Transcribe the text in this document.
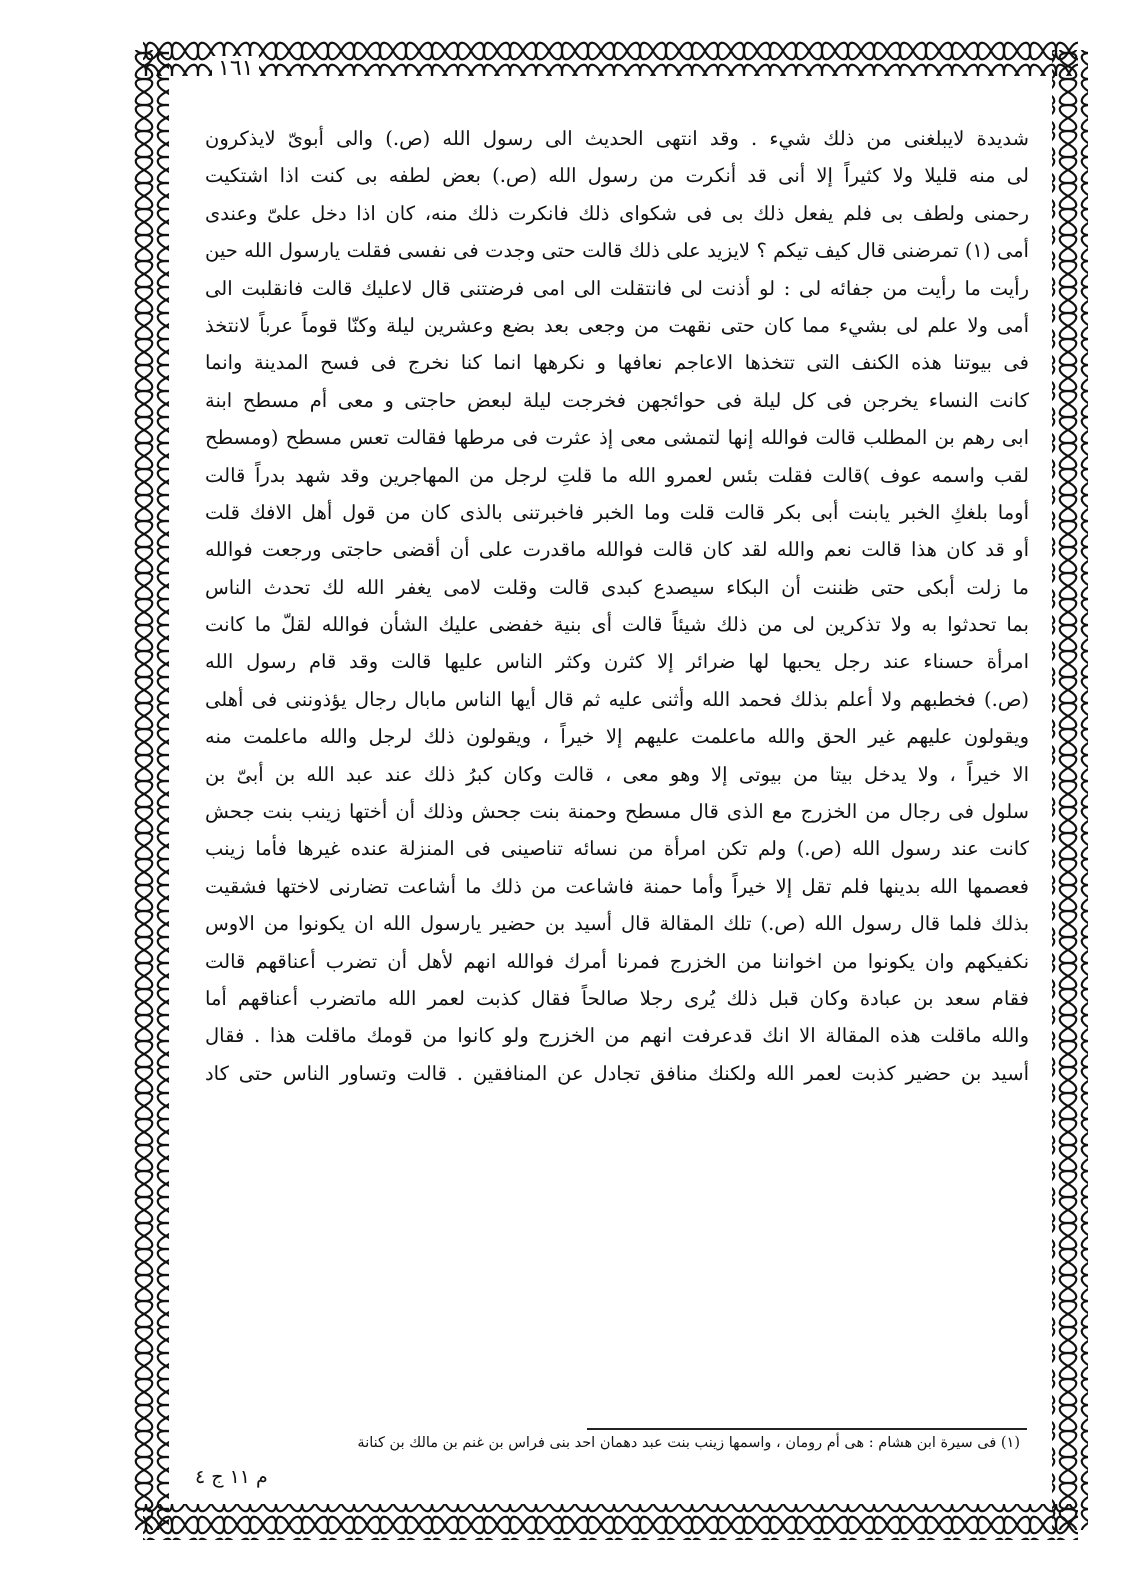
١٦١
شديدة لايبلغنى من ذلك شيء . وقد انتهى الحديث الى رسول الله (ص.) والى أبوىّ لايذكرون
لى منه قليلا ولا كثيراً إلا أنى قد أنكرت من رسول الله (ص.) بعض لطفه بى كنت اذا اشتكيت
رحمنى ولطف بى فلم يفعل ذلك بى فى شكواى ذلك فانكرت ذلك منه، كان اذا دخل علىّ وعندى
أمى (١) تمرضنى قال كيف تيكم ؟ لايزيد على ذلك قالت حتى وجدت فى نفسى فقلت يارسول الله حين
رأيت ما رأيت من جفائه لى : لو أذنت لى فانتقلت الى امى فرضتنى قال لاعليك قالت فانقلبت الى
أمى ولا علم لى بشيء مما كان حتى نقهت من وجعى بعد بضع وعشرين ليلة وكنّا قوماً عرباً لانتخذ
فى بيوتنا هذه الكنف التى تتخذها الاعاجم نعافها و نكرهها انما كنا نخرج فى فسح المدينة وانما
كانت النساء يخرجن فى كل ليلة فى حوائجهن فخرجت ليلة لبعض حاجتى و معى أم مسطح ابنة
ابى رهم بن المطلب قالت فوالله إنها لتمشى معى إذ عثرت فى مرطها فقالت تعس مسطح (ومسطح
لقب واسمه عوف )قالت فقلت بئس لعمرو الله ما قلتِ لرجل من المهاجرين وقد شهد بدراً قالت
أوما بلغكِ الخبر يابنت أبى بكر قالت قلت وما الخبر فاخبرتنى بالذى كان من قول أهل الافك قلت
أو قد كان هذا قالت نعم والله لقد كان قالت فوالله ماقدرت على أن أقضى حاجتى ورجعت فوالله
ما زلت أبكى حتى ظننت أن البكاء سيصدع كبدى قالت وقلت لامى يغفر الله لك تحدث الناس
بما تحدثوا به ولا تذكرين لى من ذلك شيئاً قالت أى بنية خفضى عليك الشأن فوالله لقلّ ما كانت
امرأة حسناء عند رجل يحبها لها ضرائر إلا كثرن وكثر الناس عليها قالت وقد قام رسول الله
(ص.) فخطبهم ولا أعلم بذلك فحمد الله وأثنى عليه ثم قال أيها الناس مابال رجال يؤذوننى فى أهلى
ويقولون عليهم غير الحق والله ماعلمت عليهم إلا خيراً ، ويقولون ذلك لرجل والله ماعلمت منه
الا خيراً ، ولا يدخل بيتا من بيوتى إلا وهو معى ، قالت وكان كبرُ ذلك عند عبد الله بن أبىّ بن
سلول فى رجال من الخزرج مع الذى قال مسطح وحمنة بنت جحش وذلك أن أختها زينب بنت جحش
كانت عند رسول الله (ص.) ولم تكن امرأة من نسائه تناصينى فى المنزلة عنده غيرها فأما زينب
فعصمها الله بدينها فلم تقل إلا خيراً وأما حمنة فاشاعت من ذلك ما أشاعت تضارنى لاختها فشقيت
بذلك فلما قال رسول الله (ص.) تلك المقالة قال أسيد بن حضير يارسول الله ان يكونوا من الاوس
نكفيكهم وان يكونوا من اخواننا من الخزرج فمرنا أمرك فوالله انهم لأهل أن تضرب أعناقهم قالت
فقام سعد بن عبادة وكان قبل ذلك يُرى رجلا صالحاً فقال كذبت لعمر الله ماتضرب أعناقهم أما
والله ماقلت هذه المقالة الا انك قدعرفت انهم من الخزرج ولو كانوا من قومك ماقلت هذا . فقال
أسيد بن حضير كذبت لعمر الله ولكنك منافق تجادل عن المنافقين . قالت وتساور الناس حتى كاد
(١) فى سيرة ابن هشام : هى أم رومان ، واسمها زينب بنت عبد دهمان احد بنى فراس بن غنم بن مالك بن كنانة
م ١١ ج ٤
